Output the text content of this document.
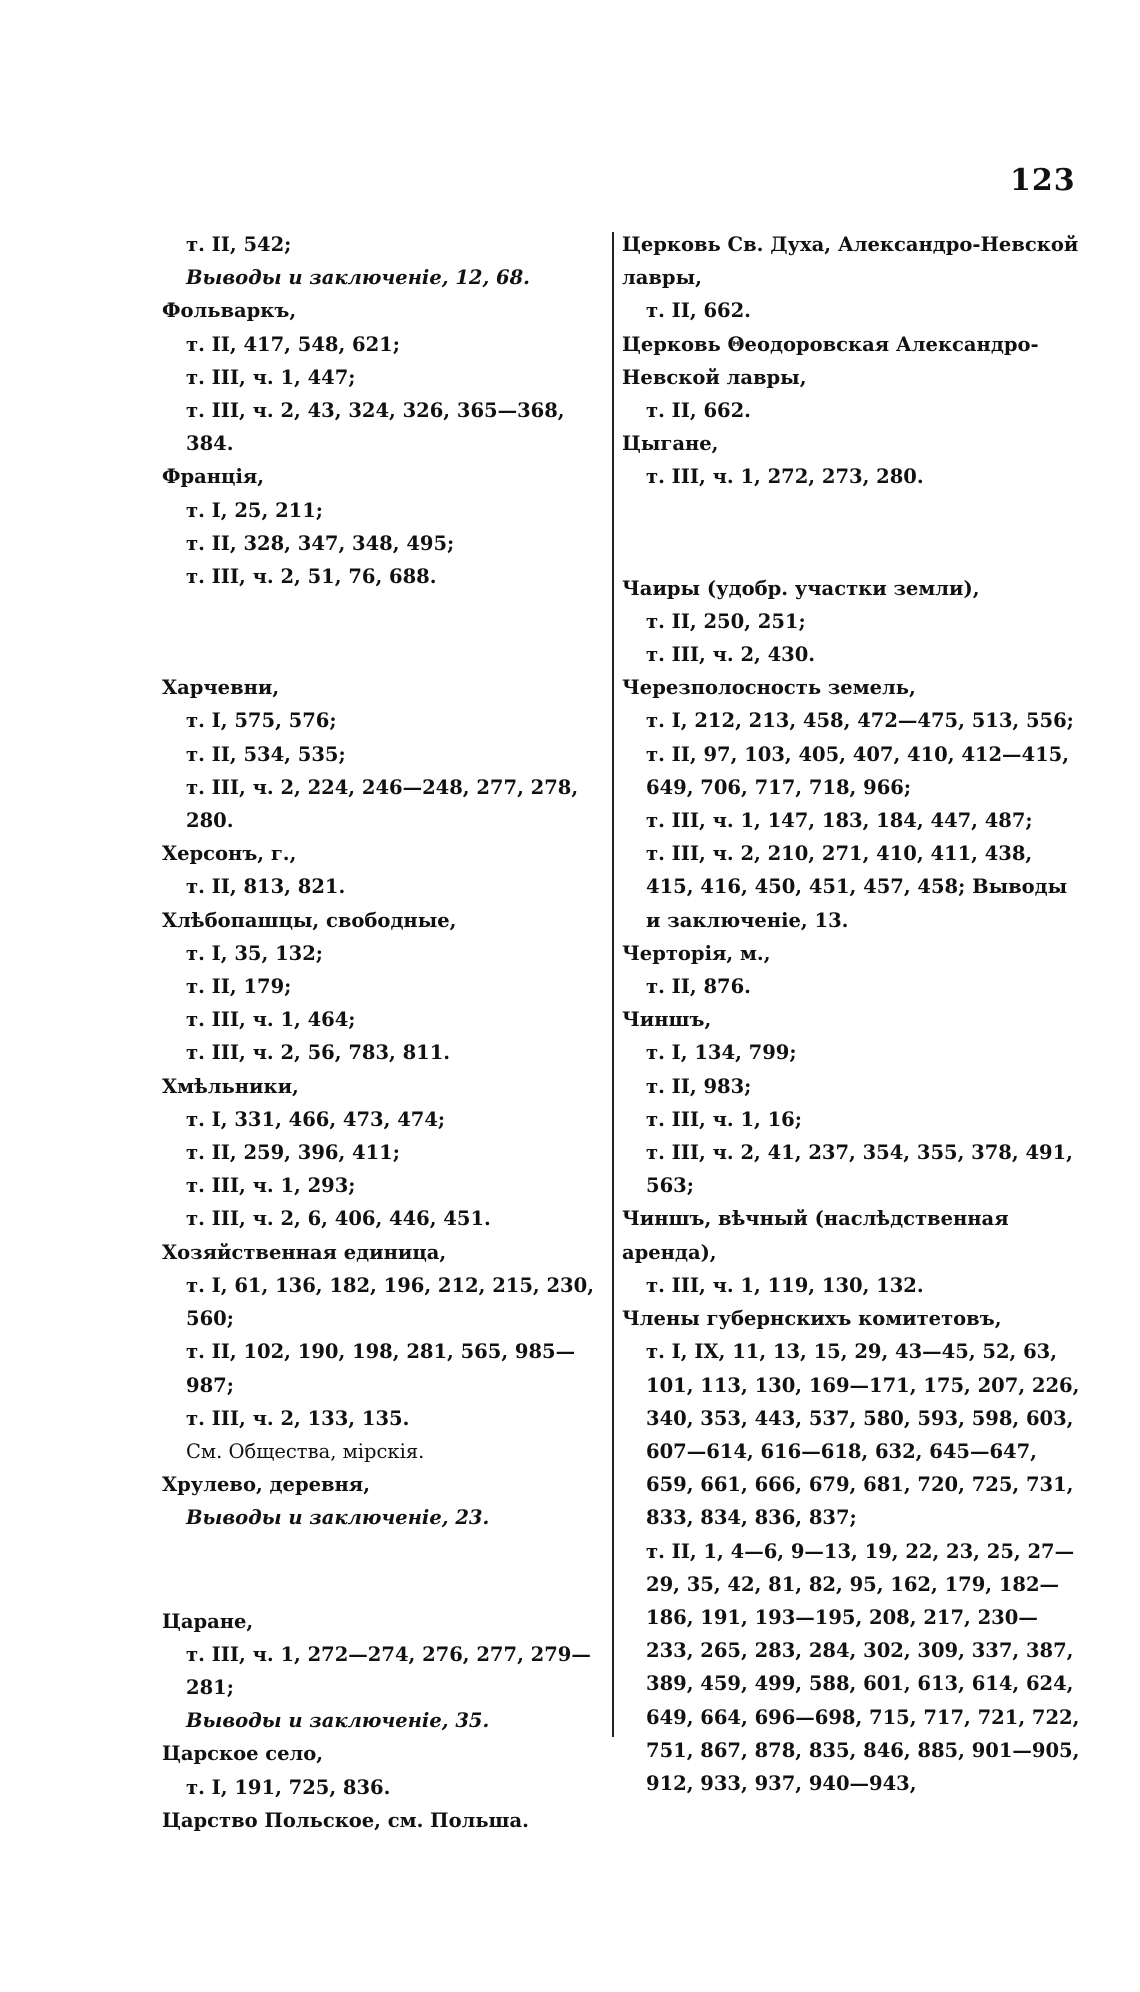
123
т. II, 542;
Выводы и заключеніе, 12, 68.
Фольваркъ,
т. II, 417, 548, 621;
т. III, ч. 1, 447;
т. III, ч. 2, 43, 324, 326, 365—368, 384.
Франція,
т. I, 25, 211;
т. II, 328, 347, 348, 495;
т. III, ч. 2, 51, 76, 688.
Харчевни,
т. I, 575, 576;
т. II, 534, 535;
т. III, ч. 2, 224, 246—248, 277, 278, 280.
Херсонъ, г.,
т. II, 813, 821.
Хлѣбопашцы, свободные,
т. I, 35, 132;
т. II, 179;
т. III, ч. 1, 464;
т. III, ч. 2, 56, 783, 811.
Хмѣльники,
т. I, 331, 466, 473, 474;
т. II, 259, 396, 411;
т. III, ч. 1, 293;
т. III, ч. 2, 6, 406, 446, 451.
Хозяйственная единица,
т. I, 61, 136, 182, 196, 212, 215, 230, 560;
т. II, 102, 190, 198, 281, 565, 985—987;
т. III, ч. 2, 133, 135.
См. Общества, мірскія.
Хрулево, деревня,
Выводы и заключеніе, 23.
Царане,
т. III, ч. 1, 272—274, 276, 277, 279—281;
Выводы и заключеніе, 35.
Царское село,
т. I, 191, 725, 836.
Царство Польское, см. Польша.
Церковь Св. Духа, Александро-Невской лавры,
т. II, 662.
Церковь Θеодоровская Александро-Невской лавры,
т. II, 662.
Цыгане,
т. III, ч. 1, 272, 273, 280.
Чаиры (удобр. участки земли),
т. II, 250, 251;
т. III, ч. 2, 430.
Черезполосность земель,
т. I, 212, 213, 458, 472—475, 513, 556;
т. II, 97, 103, 405, 407, 410, 412—415, 649, 706, 717, 718, 966;
т. III, ч. 1, 147, 183, 184, 447, 487;
т. III, ч. 2, 210, 271, 410, 411, 438, 415, 416, 450, 451, 457, 458; Выводы и заключеніе, 13.
Черторія, м.,
т. II, 876.
Чиншъ,
т. I, 134, 799;
т. II, 983;
т. III, ч. 1, 16;
т. III, ч. 2, 41, 237, 354, 355, 378, 491, 563;
Чиншъ, вѣчный (наслѣдственная аренда),
т. III, ч. 1, 119, 130, 132.
Члены губернскихъ комитетовъ,
т. I, IX, 11, 13, 15, 29, 43—45, 52, 63, 101, 113, 130, 169—171, 175, 207, 226, 340, 353, 443, 537, 580, 593, 598, 603, 607—614, 616—618, 632, 645—647, 659, 661, 666, 679, 681, 720, 725, 731, 833, 834, 836, 837;
т. II, 1, 4—6, 9—13, 19, 22, 23, 25, 27—29, 35, 42, 81, 82, 95, 162, 179, 182—186, 191, 193—195, 208, 217, 230—233, 265, 283, 284, 302, 309, 337, 387, 389, 459, 499, 588, 601, 613, 614, 624, 649, 664, 696—698, 715, 717, 721, 722, 751, 867, 878, 835, 846, 885, 901—905, 912, 933, 937, 940—943,
